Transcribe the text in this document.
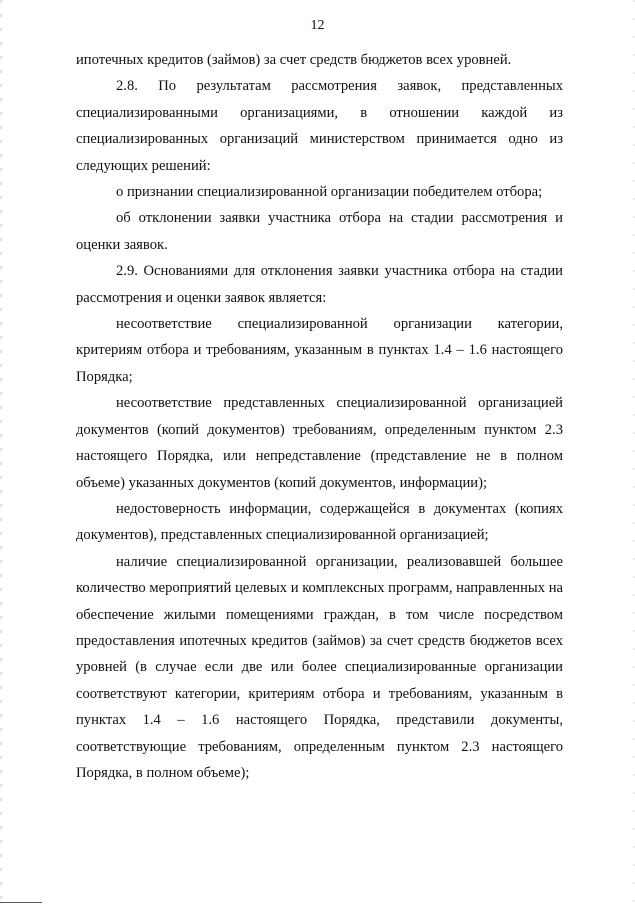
12

ипотечных кредитов (займов) за счет средств бюджетов всех уровней.

2.8. По результатам рассмотрения заявок, представленных специализированными организациями, в отношении каждой из специализированных организаций министерством принимается одно из следующих решений:

о признании специализированной организации победителем отбора;

об отклонении заявки участника отбора на стадии рассмотрения и оценки заявок.

2.9. Основаниями для отклонения заявки участника отбора на стадии рассмотрения и оценки заявок является:

несоответствие специализированной организации категории, критериям отбора и требованиям, указанным в пунктах 1.4 – 1.6 настоящего Порядка;

несоответствие представленных специализированной организацией документов (копий документов) требованиям, определенным пунктом 2.3 настоящего Порядка, или непредставление (представление не в полном объеме) указанных документов (копий документов, информации);

недостоверность информации, содержащейся в документах (копиях документов), представленных специализированной организацией;

наличие специализированной организации, реализовавшей большее количество мероприятий целевых и комплексных программ, направленных на обеспечение жилыми помещениями граждан, в том числе посредством предоставления ипотечных кредитов (займов) за счет средств бюджетов всех уровней (в случае если две или более специализированные организации соответствуют категории, критериям отбора и требованиям, указанным в пунктах 1.4 – 1.6 настоящего Порядка, представили документы, соответствующие требованиям, определенным пунктом 2.3 настоящего Порядка, в полном объеме);
